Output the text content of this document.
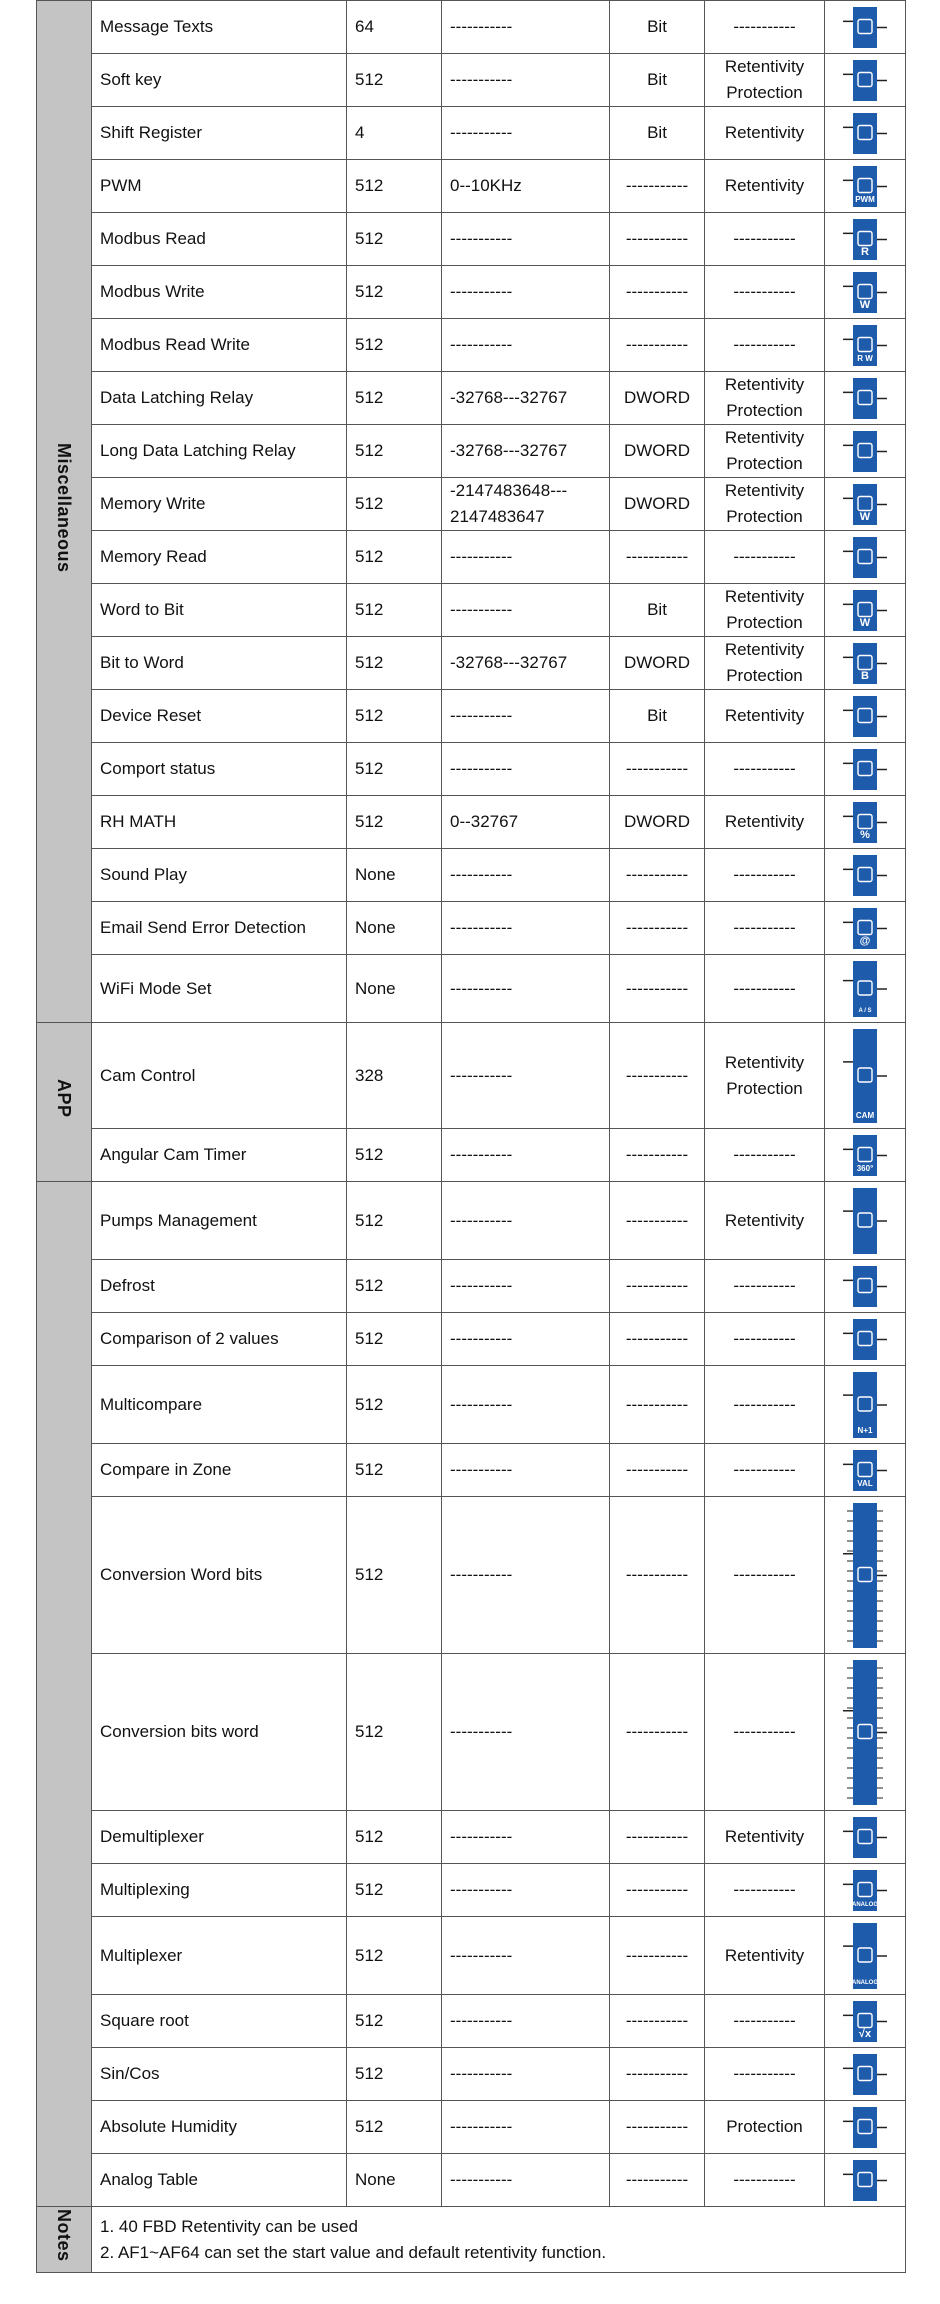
Miscellaneous	Message Texts	64	-----------	Bit	-----------	

	Soft key	512	-----------	Bit	Retentivity Protection	

	Shift Register	4	-----------	Bit	Retentivity	

	PWM	512	0--10KHz	-----------	Retentivity	PWM

	Modbus Read	512	-----------	-----------	-----------	R

	Modbus Write	512	-----------	-----------	-----------	W

	Modbus Read Write	512	-----------	-----------	-----------	R W

	Data Latching Relay	512	-32768---32767	DWORD	Retentivity Protection	

	Long Data Latching Relay	512	-32768---32767	DWORD	Retentivity Protection	

	Memory Write	512	-2147483648--- 2147483647	DWORD	Retentivity Protection	W

	Memory Read	512	-----------	-----------	-----------	

	Word to Bit	512	-----------	Bit	Retentivity Protection	W

	Bit to Word	512	-32768---32767	DWORD	Retentivity Protection	B

	Device Reset	512	-----------	Bit	Retentivity	

	Comport status	512	-----------	-----------	-----------	

	RH MATH	512	0--32767	DWORD	Retentivity	%

	Sound Play	None	-----------	-----------	-----------	

	Email Send Error Detection	None	-----------	-----------	-----------	@

	WiFi Mode Set	None	-----------	-----------	-----------	A / S

APP	Cam Control	328	-----------	-----------	Retentivity Protection	CAM

	Angular Cam Timer	512	-----------	-----------	-----------	360°

	Pumps Management	512	-----------	-----------	Retentivity	

	Defrost	512	-----------	-----------	-----------	

	Comparison of 2 values	512	-----------	-----------	-----------	

	Multicompare	512	-----------	-----------	-----------	N+1

	Compare in Zone	512	-----------	-----------	-----------	VAL

	Conversion Word bits	512	-----------	-----------	-----------	

	Conversion bits word	512	-----------	-----------	-----------	

	Demultiplexer	512	-----------	-----------	Retentivity	

	Multiplexing	512	-----------	-----------	-----------	ANALOG

	Multiplexer	512	-----------	-----------	Retentivity	ANALOG

	Square root	512	-----------	-----------	-----------	√x

	Sin/Cos	512	-----------	-----------	-----------	

	Absolute Humidity	512	-----------	-----------	Protection	

	Analog Table	None	-----------	-----------	-----------	

Notes	1. 40 FBD Retentivity can be used
2. AF1~AF64 can set the start value and default retentivity function.					
